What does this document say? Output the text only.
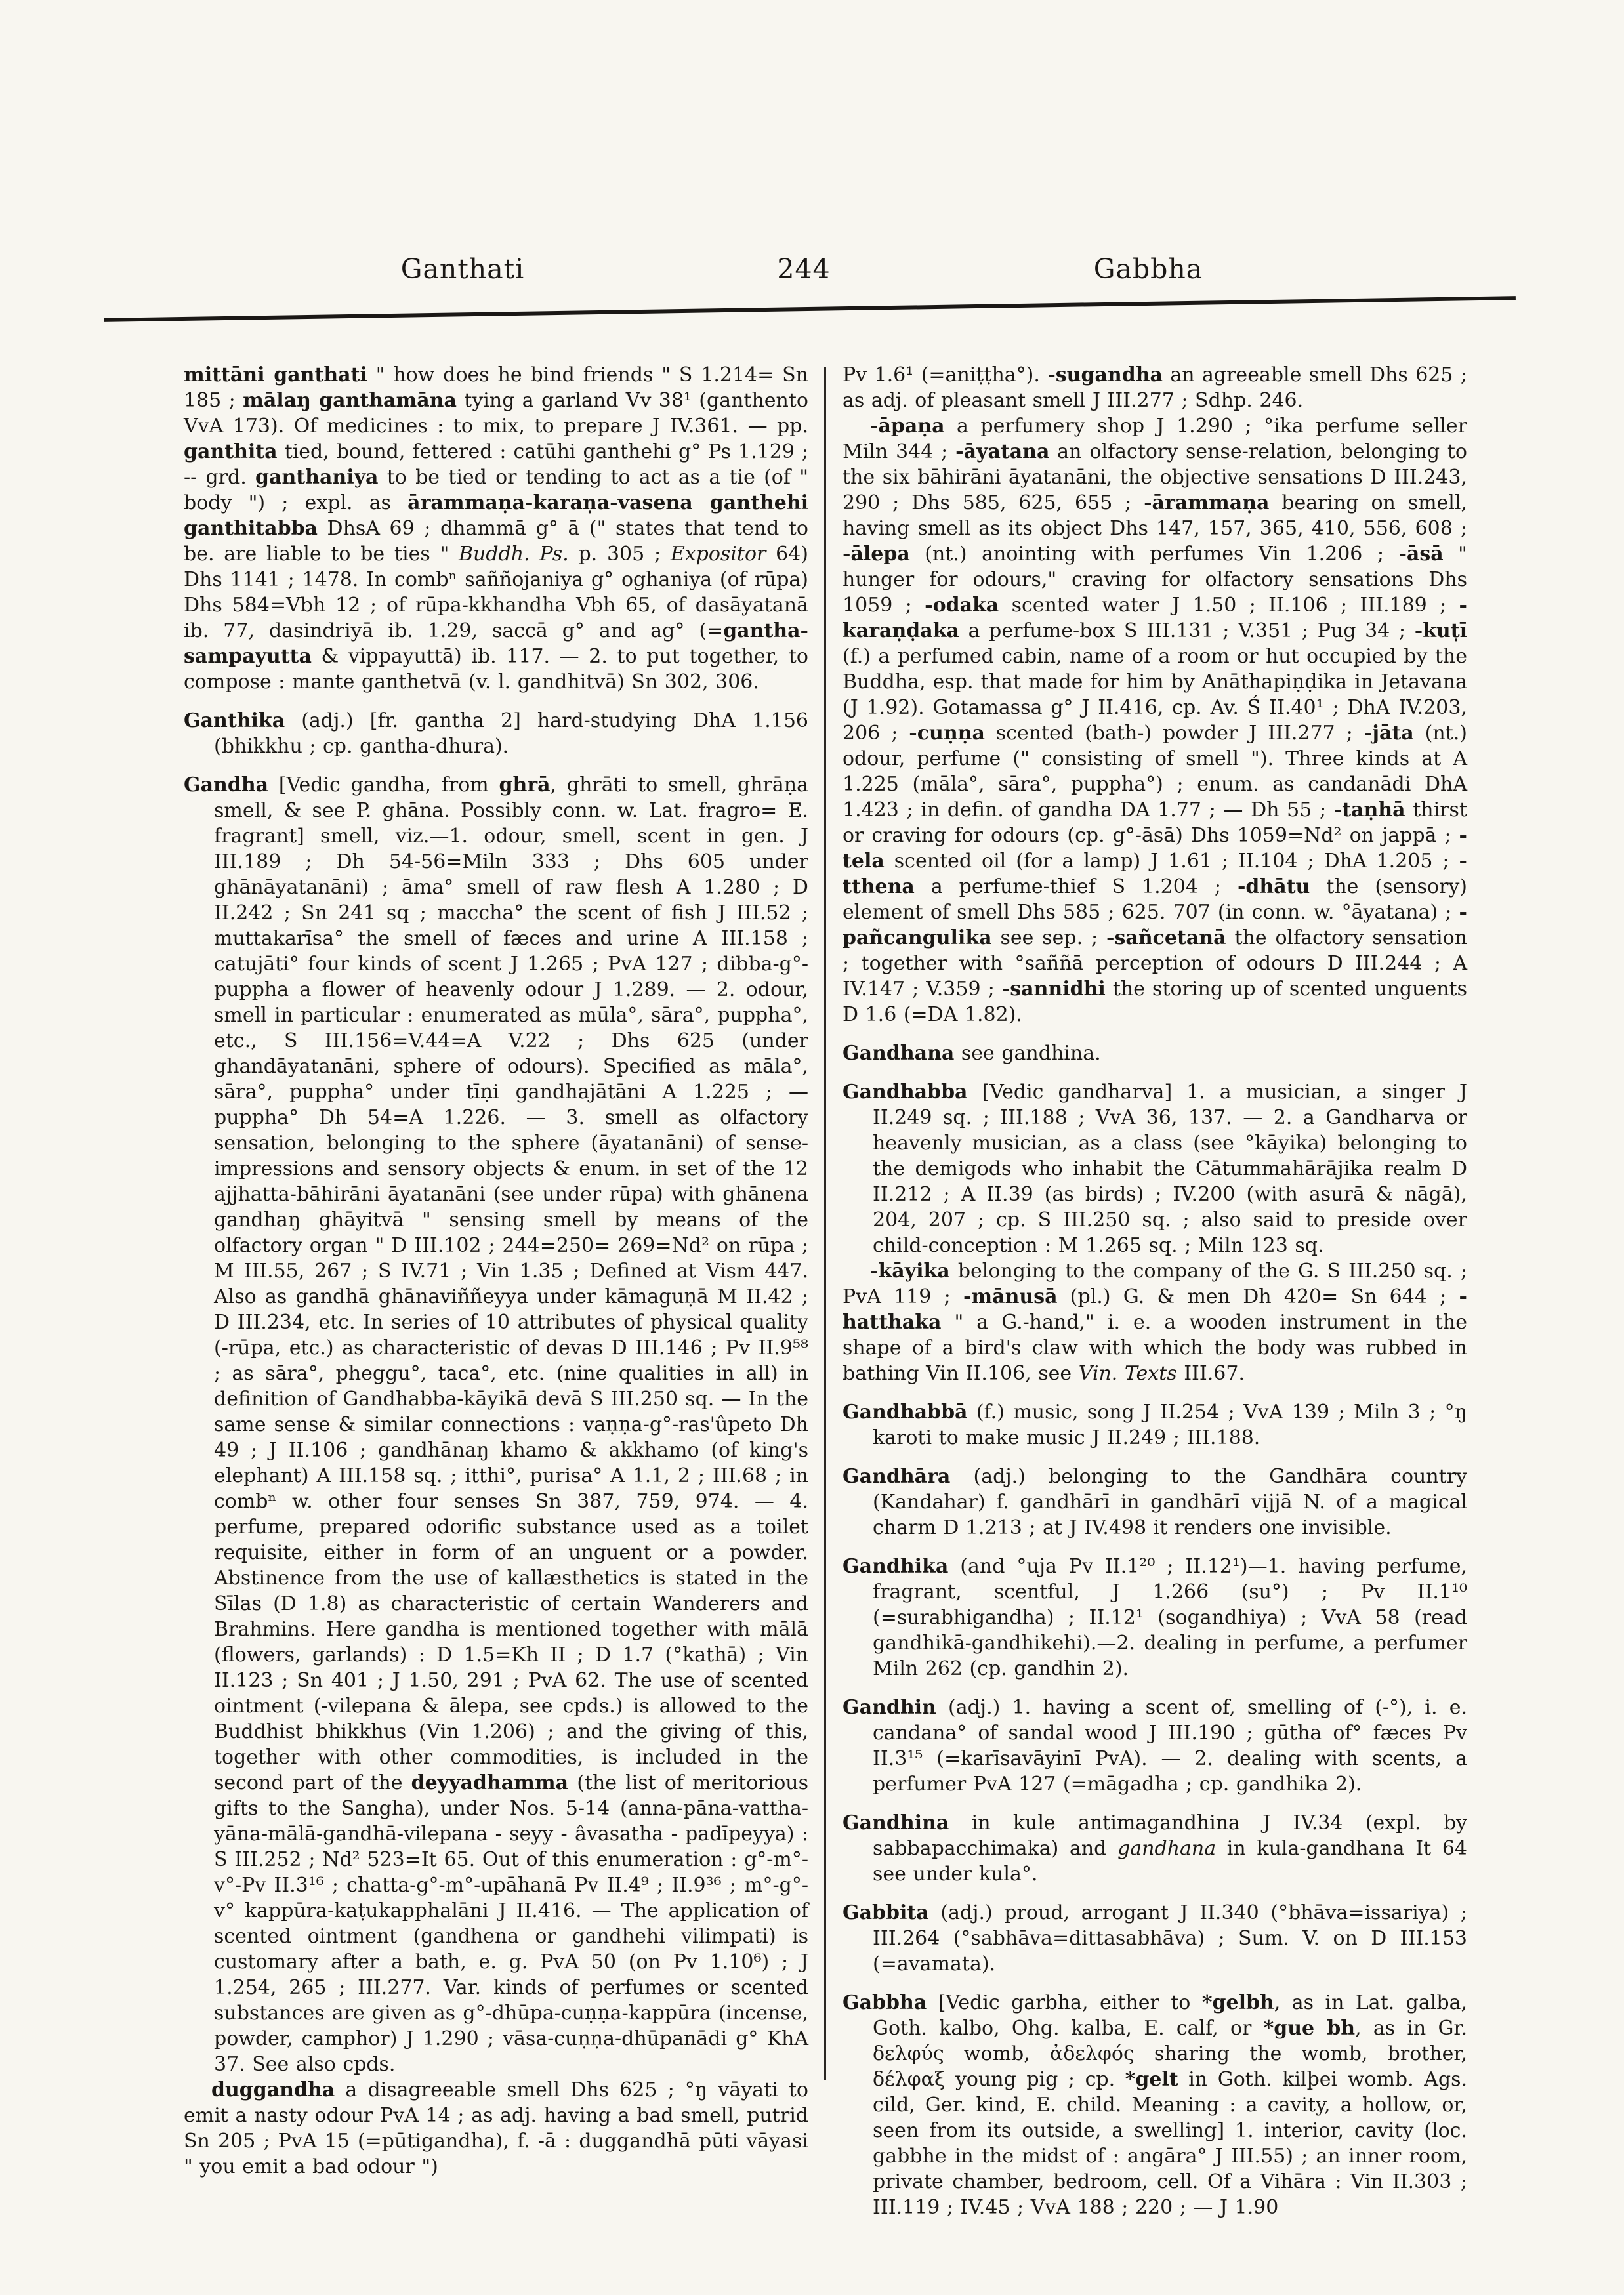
Ganthati	244	Gabbha

mittāni ganthati " how does he bind friends " S 1.214= Sn 185 ; mālaŋ ganthamāna tying a garland Vv 38¹ (ganthento VvA 173). Of medicines : to mix, to prepare J IV.361. — pp. ganthita tied, bound, fettered : catūhi ganthehi g° Ps 1.129 ; -- grd. ganthaniya to be tied or tending to act as a tie (of " body ") ; expl. as ārammaṇa-karaṇa-vasena ganthehi ganthitabba DhsA 69 ; dhammā g° ā (" states that tend to be. are liable to be ties " Buddh. Ps. p. 305 ; Expositor 64) Dhs 1141 ; 1478. In combⁿ saññojaniya g° oghaniya (of rūpa) Dhs 584=Vbh 12 ; of rūpa-kkhandha Vbh 65, of dasāyatanā ib. 77, dasindriyā ib. 1.29, saccā g° and ag° (=gantha-sampayutta & vippayuttā) ib. 117. — 2. to put together, to compose : mante ganthetvā (v. l. gandhitvā) Sn 302, 306.

Ganthika (adj.) [fr. gantha 2] hard-studying DhA 1.156 (bhikkhu ; cp. gantha-dhura).

Gandha [Vedic gandha, from ghrā, ghrāti to smell, ghrāṇa smell, & see P. ghāna. Possibly conn. w. Lat. fragro= E. fragrant] smell, viz.—1. odour, smell, scent in gen. J III.189 ; Dh 54-56=Miln 333 ; Dhs 605 under ghānāyatanāni) ; āma° smell of raw flesh A 1.280 ; D II.242 ; Sn 241 sq ; maccha° the scent of fish J III.52 ; muttakarīsa° the smell of fæces and urine A III.158 ; catujāti° four kinds of scent J 1.265 ; PvA 127 ; dibba-g°-puppha a flower of heavenly odour J 1.289. — 2. odour, smell in particular : enumerated as mūla°, sāra°, puppha°, etc., S III.156=V.44=A V.22 ; Dhs 625 (under ghandāyatanāni, sphere of odours). Specified as māla°, sāra°, puppha° under tīṇi gandhajātāni A 1.225 ; — puppha° Dh 54=A 1.226. — 3. smell as olfactory sensation, belonging to the sphere (āyatanāni) of sense-impressions and sensory objects & enum. in set of the 12 ajjhatta-bāhirāni āyatanāni (see under rūpa) with ghānena gandhaŋ ghāyitvā " sensing smell by means of the olfactory organ " D III.102 ; 244=250= 269=Nd² on rūpa ; M III.55, 267 ; S IV.71 ; Vin 1.35 ; Defined at Vism 447. Also as gandhā ghānaviññeyya under kāmaguṇā M II.42 ; D III.234, etc. In series of 10 attributes of physical quality (-rūpa, etc.) as characteristic of devas D III.146 ; Pv II.9⁵⁸ ; as sāra°, pheggu°, taca°, etc. (nine qualities in all) in definition of Gandhabba-kāyikā devā S III.250 sq. — In the same sense & similar connections : vaṇṇa-g°-ras'ûpeto Dh 49 ; J II.106 ; gandhānaŋ khamo & akkhamo (of king's elephant) A III.158 sq. ; itthi°, purisa° A 1.1, 2 ; III.68 ; in combⁿ w. other four senses Sn 387, 759, 974. — 4. perfume, prepared odorific substance used as a toilet requisite, either in form of an unguent or a powder. Abstinence from the use of kallæsthetics is stated in the Sīlas (D 1.8) as characteristic of certain Wanderers and Brahmins. Here gandha is mentioned together with mālā (flowers, garlands) : D 1.5=Kh II ; D 1.7 (°kathā) ; Vin II.123 ; Sn 401 ; J 1.50, 291 ; PvA 62. The use of scented ointment (-vilepana & ālepa, see cpds.) is allowed to the Buddhist bhikkhus (Vin 1.206) ; and the giving of this, together with other commodities, is included in the second part of the deyyadhamma (the list of meritorious gifts to the Sangha), under Nos. 5-14 (anna-pāna-vattha-yāna-mālā-gandhā-vilepana - seyy - âvasatha - padīpeyya) : S III.252 ; Nd² 523=It 65. Out of this enumeration : g°-m°-v°-Pv II.3¹⁶ ; chatta-g°-m°-upāhanā Pv II.4⁹ ; II.9³⁶ ; m°-g°-v° kappūra-kaṭukapphalāni J II.416. — The application of scented ointment (gandhena or gandhehi vilimpati) is customary after a bath, e. g. PvA 50 (on Pv 1.10⁶) ; J 1.254, 265 ; III.277. Var. kinds of perfumes or scented substances are given as g°-dhūpa-cuṇṇa-kappūra (incense, powder, camphor) J 1.290 ; vāsa-cuṇṇa-dhūpanādi g° KhA 37. See also cpds.

duggandha a disagreeable smell Dhs 625 ; °ŋ vāyati to emit a nasty odour PvA 14 ; as adj. having a bad smell, putrid Sn 205 ; PvA 15 (=pūtigandha), f. -ā : duggandhā pūti vāyasi " you emit a bad odour ")

Pv 1.6¹ (=aniṭṭha°). -sugandha an agreeable smell Dhs 625 ; as adj. of pleasant smell J III.277 ; Sdhp. 246.

-āpaṇa a perfumery shop J 1.290 ; °ika perfume seller Miln 344 ; -āyatana an olfactory sense-relation, belonging to the six bāhirāni āyatanāni, the objective sensations D III.243, 290 ; Dhs 585, 625, 655 ; -ārammaṇa bearing on smell, having smell as its object Dhs 147, 157, 365, 410, 556, 608 ; -ālepa (nt.) anointing with perfumes Vin 1.206 ; -āsā " hunger for odours," craving for olfactory sensations Dhs 1059 ; -odaka scented water J 1.50 ; II.106 ; III.189 ; -karaṇḍaka a perfume-box S III.131 ; V.351 ; Pug 34 ; -kuṭī (f.) a perfumed cabin, name of a room or hut occupied by the Buddha, esp. that made for him by Anāthapiṇḍika in Jetavana (J 1.92). Gotamassa g° J II.416, cp. Av. Ś II.40¹ ; DhA IV.203, 206 ; -cuṇṇa scented (bath-) powder J III.277 ; -jāta (nt.) odour, perfume (" consisting of smell "). Three kinds at A 1.225 (māla°, sāra°, puppha°) ; enum. as candanādi DhA 1.423 ; in defin. of gandha DA 1.77 ; — Dh 55 ; -taṇhā thirst or craving for odours (cp. g°-āsā) Dhs 1059=Nd² on jappā ; -tela scented oil (for a lamp) J 1.61 ; II.104 ; DhA 1.205 ; -tthena a perfume-thief S 1.204 ; -dhātu the (sensory) element of smell Dhs 585 ; 625. 707 (in conn. w. °āyatana) ; -pañcangulika see sep. ; -sañcetanā the olfactory sensation ; together with °saññā perception of odours D III.244 ; A IV.147 ; V.359 ; -sannidhi the storing up of scented unguents D 1.6 (=DA 1.82).

Gandhana see gandhina.

Gandhabba [Vedic gandharva] 1. a musician, a singer J II.249 sq. ; III.188 ; VvA 36, 137. — 2. a Gandharva or heavenly musician, as a class (see °kāyika) belonging to the demigods who inhabit the Cātummahārājika realm D II.212 ; A II.39 (as birds) ; IV.200 (with asurā & nāgā), 204, 207 ; cp. S III.250 sq. ; also said to preside over child-conception : M 1.265 sq. ; Miln 123 sq.

-kāyika belonging to the company of the G. S III.250 sq. ; PvA 119 ; -mānusā (pl.) G. & men Dh 420= Sn 644 ; -hatthaka " a G.-hand," i. e. a wooden instrument in the shape of a bird's claw with which the body was rubbed in bathing Vin II.106, see Vin. Texts III.67.

Gandhabbā (f.) music, song J II.254 ; VvA 139 ; Miln 3 ; °ŋ karoti to make music J II.249 ; III.188.

Gandhāra (adj.) belonging to the Gandhāra country (Kandahar) f. gandhārī in gandhārī vijjā N. of a magical charm D 1.213 ; at J IV.498 it renders one invisible.

Gandhika (and °uja Pv II.1²⁰ ; II.12¹)—1. having perfume, fragrant, scentful, J 1.266 (su°) ; Pv II.1¹⁰ (=surabhigandha) ; II.12¹ (sogandhiya) ; VvA 58 (read gandhikā-gandhikehi).—2. dealing in perfume, a perfumer Miln 262 (cp. gandhin 2).

Gandhin (adj.) 1. having a scent of, smelling of (-°), i. e. candana° of sandal wood J III.190 ; gūtha of° fæces Pv II.3¹⁵ (=karīsavāyinī PvA). — 2. dealing with scents, a perfumer PvA 127 (=māgadha ; cp. gandhika 2).

Gandhina in kule antimagandhina J IV.34 (expl. by sabbapacchimaka) and gandhana in kula-gandhana It 64 see under kula°.

Gabbita (adj.) proud, arrogant J II.340 (°bhāva=issariya) ; III.264 (°sabhāva=dittasabhāva) ; Sum. V. on D III.153 (=avamata).

Gabbha [Vedic garbha, either to *gelbh, as in Lat. galba, Goth. kalbo, Ohg. kalba, E. calf, or *gue bh, as in Gr. δελφύς womb, ἀδελφός sharing the womb, brother, δέλφαξ young pig ; cp. *gelt in Goth. kilþei womb. Ags. cild, Ger. kind, E. child. Meaning : a cavity, a hollow, or, seen from its outside, a swelling] 1. interior, cavity (loc. gabbhe in the midst of : angāra° J III.55) ; an inner room, private chamber, bedroom, cell. Of a Vihāra : Vin II.303 ; III.119 ; IV.45 ; VvA 188 ; 220 ; — J 1.90
